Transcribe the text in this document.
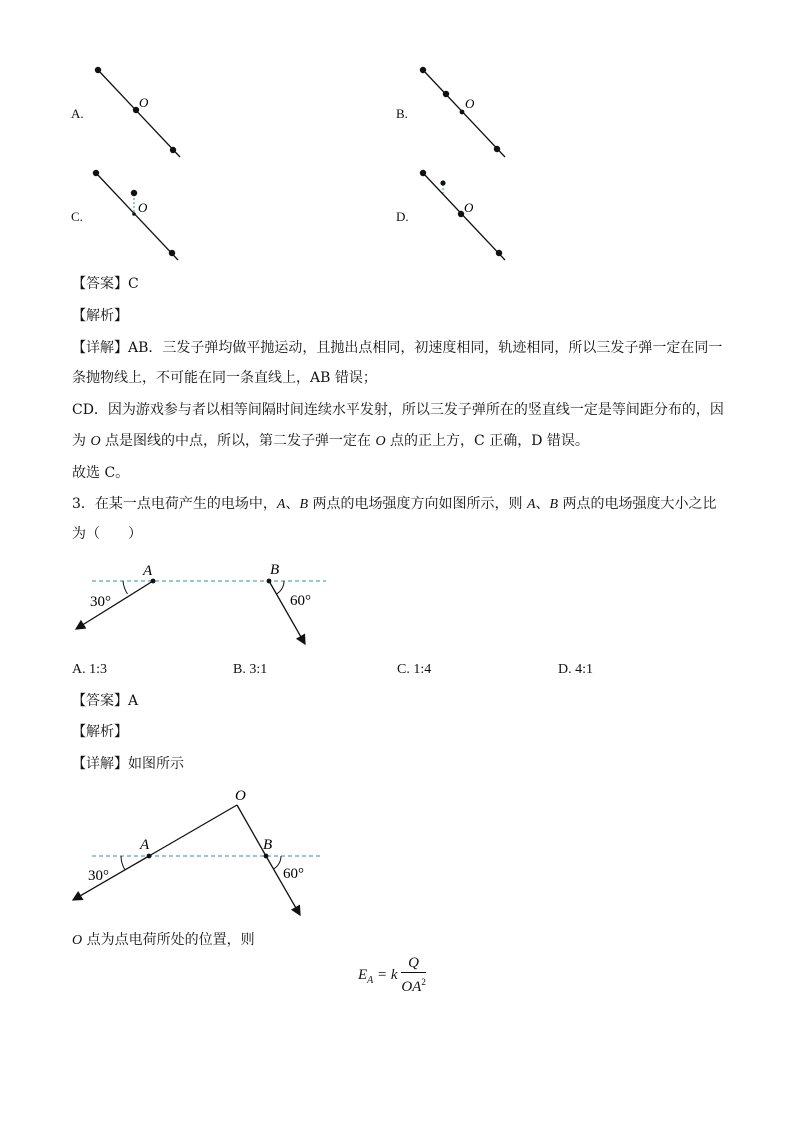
A.
O
B.
O
C.
O
D.
O
【答案】C
【解析】
【详解】AB．三发子弹均做平抛运动，且抛出点相同，初速度相同，轨迹相同，所以三发子弹一定在同一
条抛物线上，不可能在同一条直线上，AB 错误；
CD．因为游戏参与者以相等间隔时间连续水平发射，所以三发子弹所在的竖直线一定是等间距分布的，因
为 O 点是图线的中点，所以，第二发子弹一定在 O 点的正上方，C 正确，D 错误。
故选 C。
3．在某一点电荷产生的电场中，A、B 两点的电场强度方向如图所示，则 A、B 两点的电场强度大小之比
为（　　）
A
30°
B
60°
A. 1:3	B. 3:1	C. 1:4	D. 4:1
【答案】A
【解析】
【详解】如图所示
O
A	B
30°	60°
O 点为点电荷所处的位置，则
$E_A = k \frac{Q}{OA^2}$
